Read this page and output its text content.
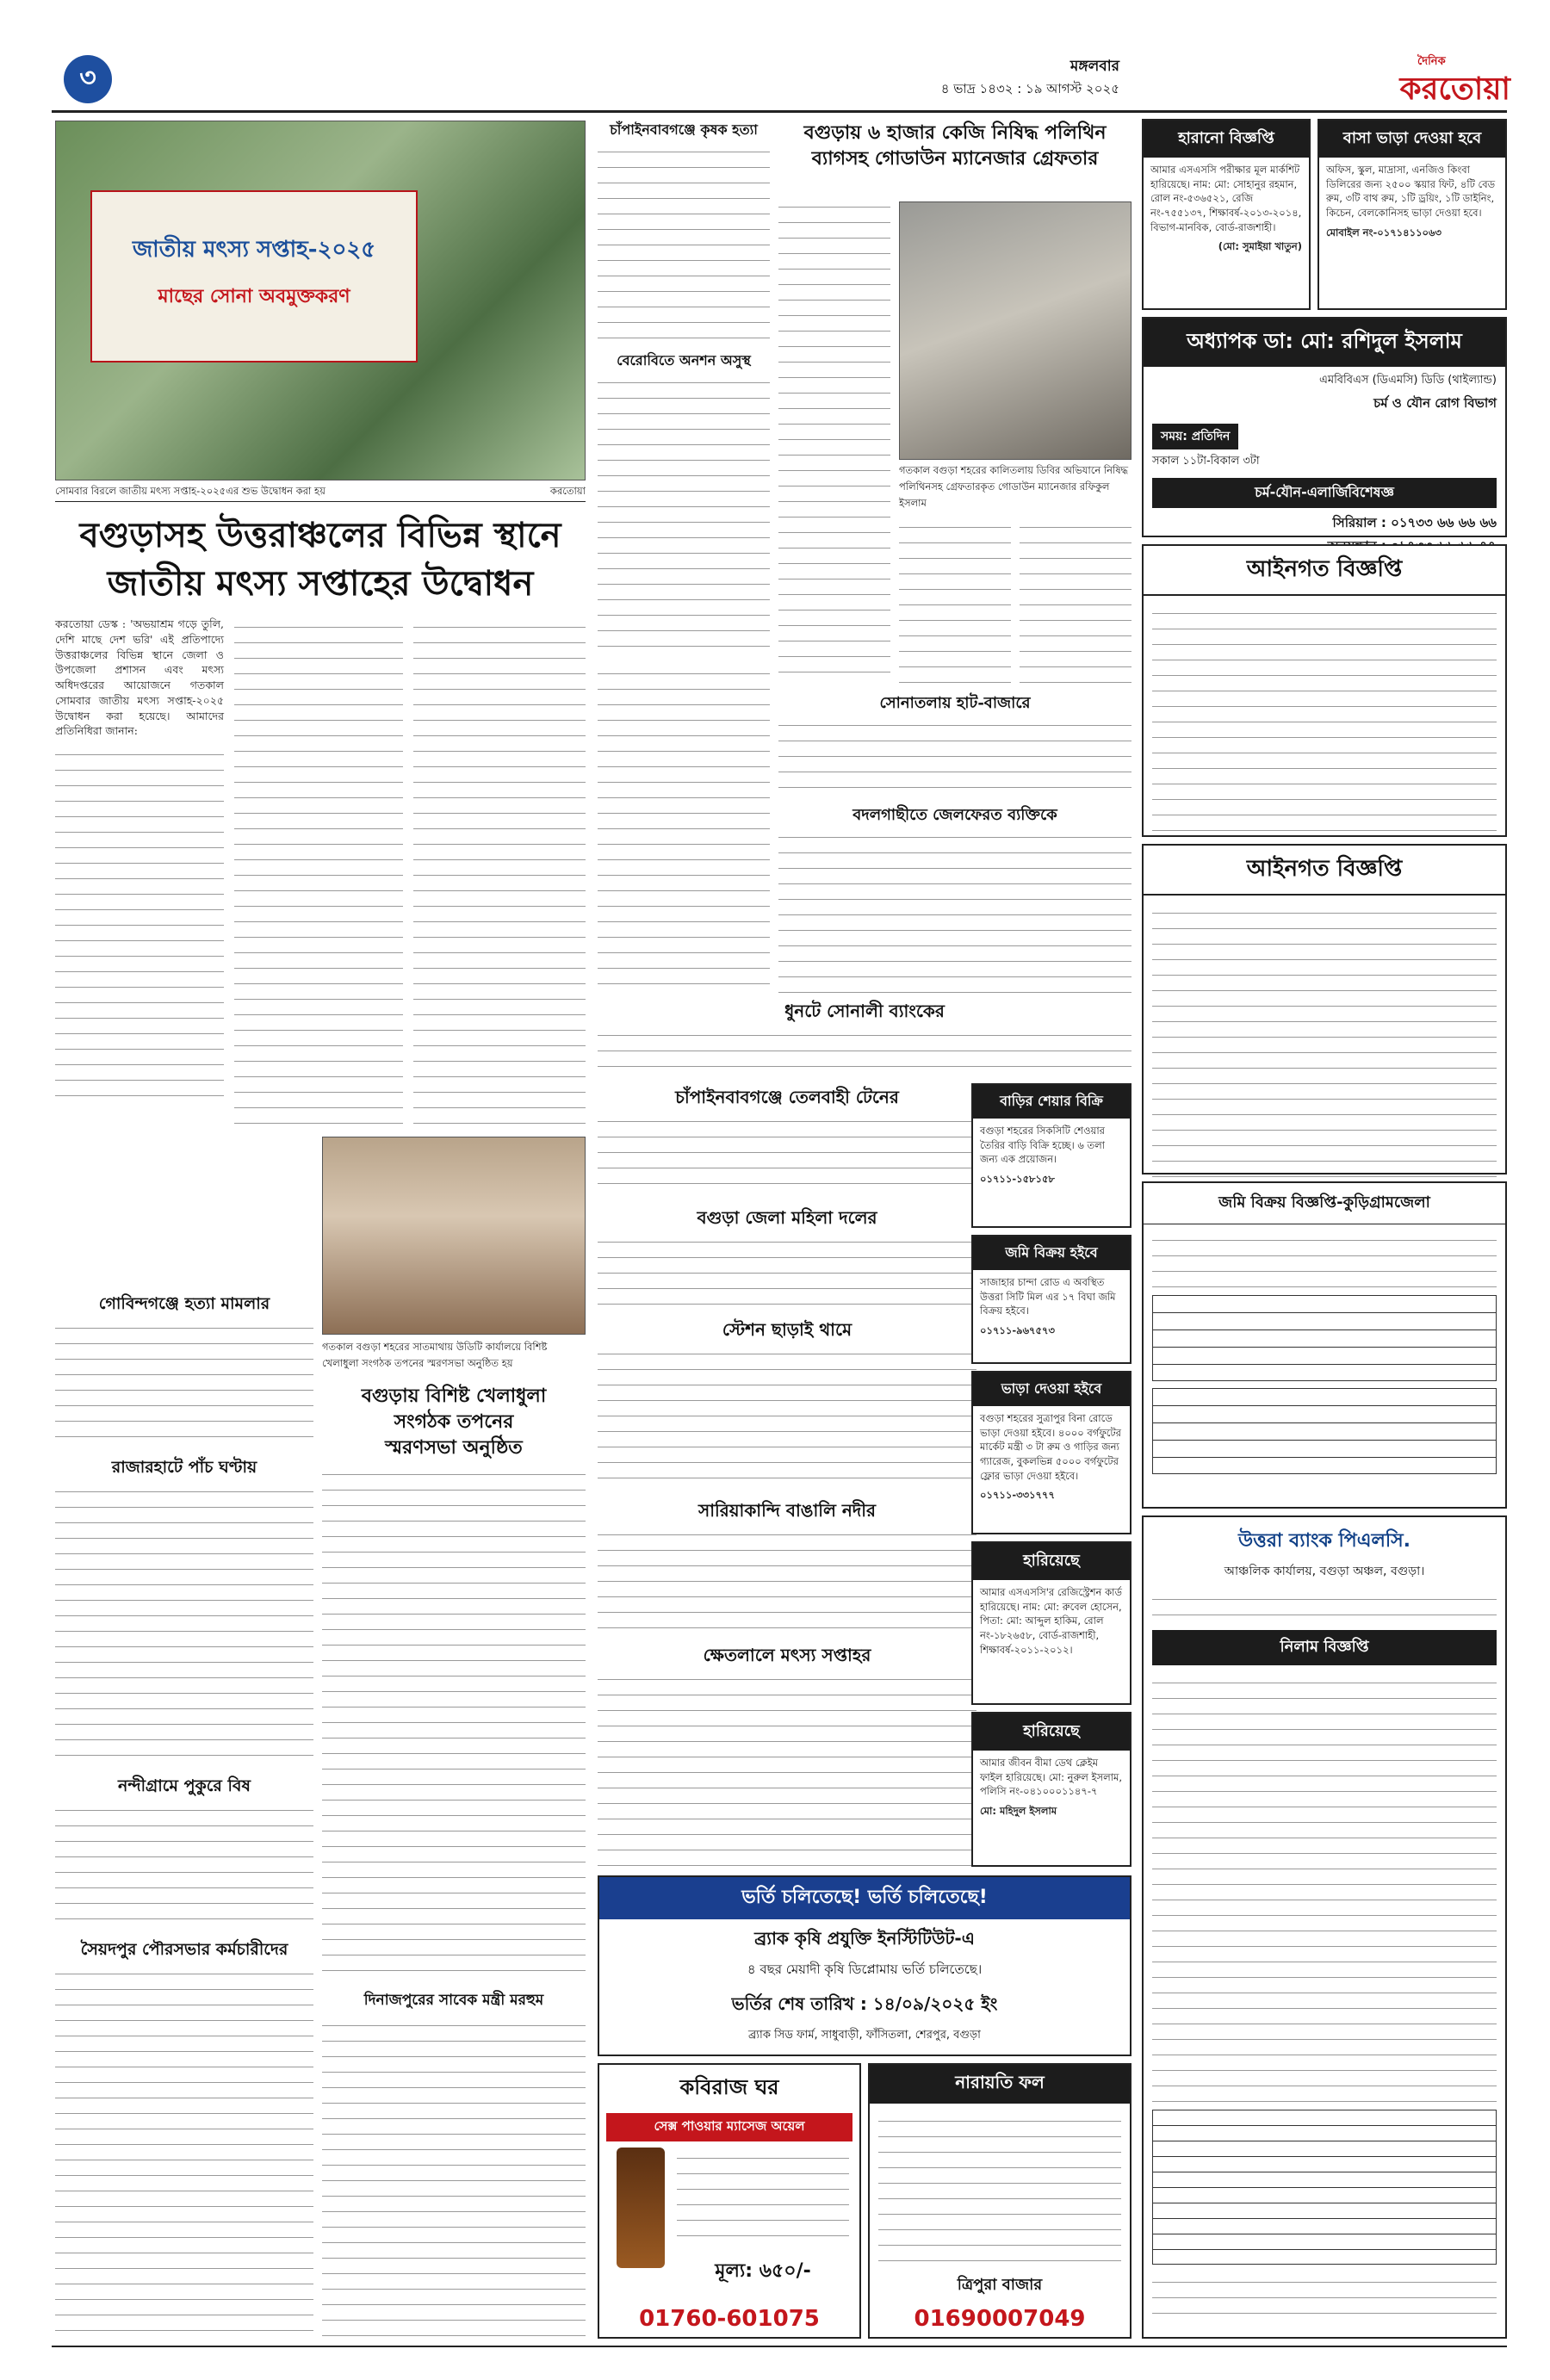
৩	মঙ্গলবার
৪ ভাদ্র ১৪৩২ : ১৯ আগস্ট ২০২৫
দৈনিক
করতোয়া
জাতীয় মৎস্য সপ্তাহ-২০২৫
মাছের সোনা অবমুক্তকরণ
সোমবার বিরলে জাতীয় মৎস্য সপ্তাহ-২০২৫এর শুভ উদ্বোধন করা হয়	করতোয়া
বগুড়াসহ উত্তরাঞ্চলের বিভিন্ন স্থানে
জাতীয় মৎস্য সপ্তাহের উদ্বোধন
করতোয়া ডেস্ক : 'অভয়াশ্রম গড়ে তুলি, দেশি মাছে দেশ ভরি' এই প্রতিপাদ্যে উত্তরাঞ্চলের বিভিন্ন স্থানে জেলা ও উপজেলা প্রশাসন এবং মৎস্য অধিদপ্তরের আয়োজনে গতকাল সোমবার জাতীয় মৎস্য সপ্তাহ-২০২৫ উদ্বোধন করা হয়েছে। আমাদের প্রতিনিধিরা জানান:
গোবিন্দগঞ্জে হত্যা মামলার
রাজারহাটে পাঁচ ঘণ্টায়
নন্দীগ্রামে পুকুরে বিষ
সৈয়দপুর পৌরসভার কর্মচারীদের
গতকাল বগুড়া শহরের সাতমাথায় উডিটি কার্যালয়ে বিশিষ্ট খেলাধুলা সংগঠক তপনের স্মরণসভা অনুষ্ঠিত হয়
বগুড়ায় বিশিষ্ট খেলাধুলা
সংগঠক তপনের
স্মরণসভা অনুষ্ঠিত
দিনাজপুরের সাবেক মন্ত্রী মরহুম
চাঁপাইনবাবগঞ্জে কৃষক হত্যা
বেরোবিতে অনশন অসুস্থ
বগুড়ায় ৬ হাজার কেজি নিষিদ্ধ পলিথিন ব্যাগসহ গোডাউন ম্যানেজার গ্রেফতার
গতকাল বগুড়া শহরের কালিতলায় ডিবির অভিযানে নিষিদ্ধ পলিথিনসহ গ্রেফতারকৃত গোডাউন ম্যানেজার রফিকুল ইসলাম
সোনাতলায় হাট-বাজারে
বদলগাছীতে জেলফেরত ব্যক্তিকে
ধুনটে সোনালী ব্যাংকের
চাঁপাইনবাবগঞ্জে তেলবাহী টেনের
বগুড়া জেলা মহিলা দলের
স্টেশন ছাড়াই থামে
সারিয়াকান্দি বাঙালি নদীর
ক্ষেতলালে মৎস্য সপ্তাহর
বাড়ির শেয়ার বিক্রি
বগুড়া শহরের সিকসিটি শেওয়ার তৈরির বাড়ি বিক্রি হচ্ছে। ৬ তলা জন্য এক প্রয়োজন।
০১৭১১-১৫৮১৫৮
জমি বিক্রয় হইবে
সাজাহার চান্দা রোড এ অবস্থিত উত্তরা সিটি মিল এর ১৭ বিঘা জমি বিক্রয় হইবে।
০১৭১১-৯৬৭৫৭৩
ভাড়া দেওয়া হইবে
বগুড়া শহরের সুত্রাপুর বিনা রোডে ভাড়া দেওয়া হইবে। ৪০০০ বর্গফুটের মার্কেট মন্ত্রী ৩ টা রুম ও গাড়ির জন্য গ্যারেজ, বুকলভিন্ন ৫০০০ বর্গফুটের ফ্লোর ভাড়া দেওয়া হইবে।
০১৭১১-৩৩১৭৭৭
হারিয়েছে
আমার এসএসসি'র রেজিস্ট্রেশন কার্ড হারিয়েছে। নাম: মো: রুবেল হোসেন, পিতা: মো: আব্দুল হাকিম, রোল নং-১৮২৬৫৮, বোর্ড-রাজশাহী, শিক্ষাবর্ষ-২০১১-২০১২।
হারিয়েছে
আমার জীবন বীমা ডেথ ক্লেইম ফাইল হারিয়েছে। মো: নুরুল ইসলাম, পলিসি নং-০৪১০০০১১৪৭-৭
মো: মহিদুল ইসলাম
ভর্তি চলিতেছে! ভর্তি চলিতেছে!
ব্র্যাক কৃষি প্রযুক্তি ইনস্টিটিউট-এ
৪ বছর মেয়াদী কৃষি ডিপ্লোমায় ভর্তি চলিতেছে।
ভর্তির শেষ তারিখ : ১৪/০৯/২০২৫ ইং
ব্র্যাক সিড ফার্ম, সাধুবাড়ী, ফাঁসিতলা, শেরপুর, বগুড়া
কবিরাজ ঘর
সেক্স পাওয়ার ম্যাসেজ অয়েল
মূল্য: ৬৫০/-
01760-601075
নারায়তি ফল
ত্রিপুরা বাজার
01690007049
হারানো বিজ্ঞপ্তি
আমার এসএসসি পরীক্ষার মূল মার্কশিট হারিয়েছে। নাম: মো: সোহানুর রহমান, রোল নং-৫৩৬৫২১, রেজি নং-৭৫৫১৩৭, শিক্ষাবর্ষ-২০১৩-২০১৪, বিভাগ-মানবিক, বোর্ড-রাজশাহী।
(মো: সুমাইয়া খাতুন)
বাসা ভাড়া দেওয়া হবে
অফিস, স্কুল, মাদ্রাসা, এনজিও কিংবা ডিলিরের জন্য ২৫০০ স্কয়ার ফিট, ৪টি বেড রুম, ৩টি বাথ রুম, ১টি ড্রয়িং, ১টি ডাইনিং, কিচেন, বেলকোনিসহ ভাড়া দেওয়া হবে।
মোবাইল নং-০১৭১৪১১০৬৩
অধ্যাপক ডা: মো: রশিদুল ইসলাম
এমবিবিএস (ডিএমসি) ডিডি (থাইল্যান্ড)
চর্ম ও যৌন রোগ বিভাগ
সময়: প্রতিদিন
সকাল ১১টা-বিকাল ৩টা
চর্ম-যৌন-এলার্জিবিশেষজ্ঞ
সিরিয়াল : ০১৭৩৩ ৬৬ ৬৬ ৬৬
আইনগত বিজ্ঞপ্তি
আইনগত বিজ্ঞপ্তি
জমি বিক্রয় বিজ্ঞপ্তি-কুড়িগ্রামজেলা
উত্তরা ব্যাংক পিএলসি.
আঞ্চলিক কার্যালয়, বগুড়া অঞ্চল, বগুড়া।
নিলাম বিজ্ঞপ্তি
